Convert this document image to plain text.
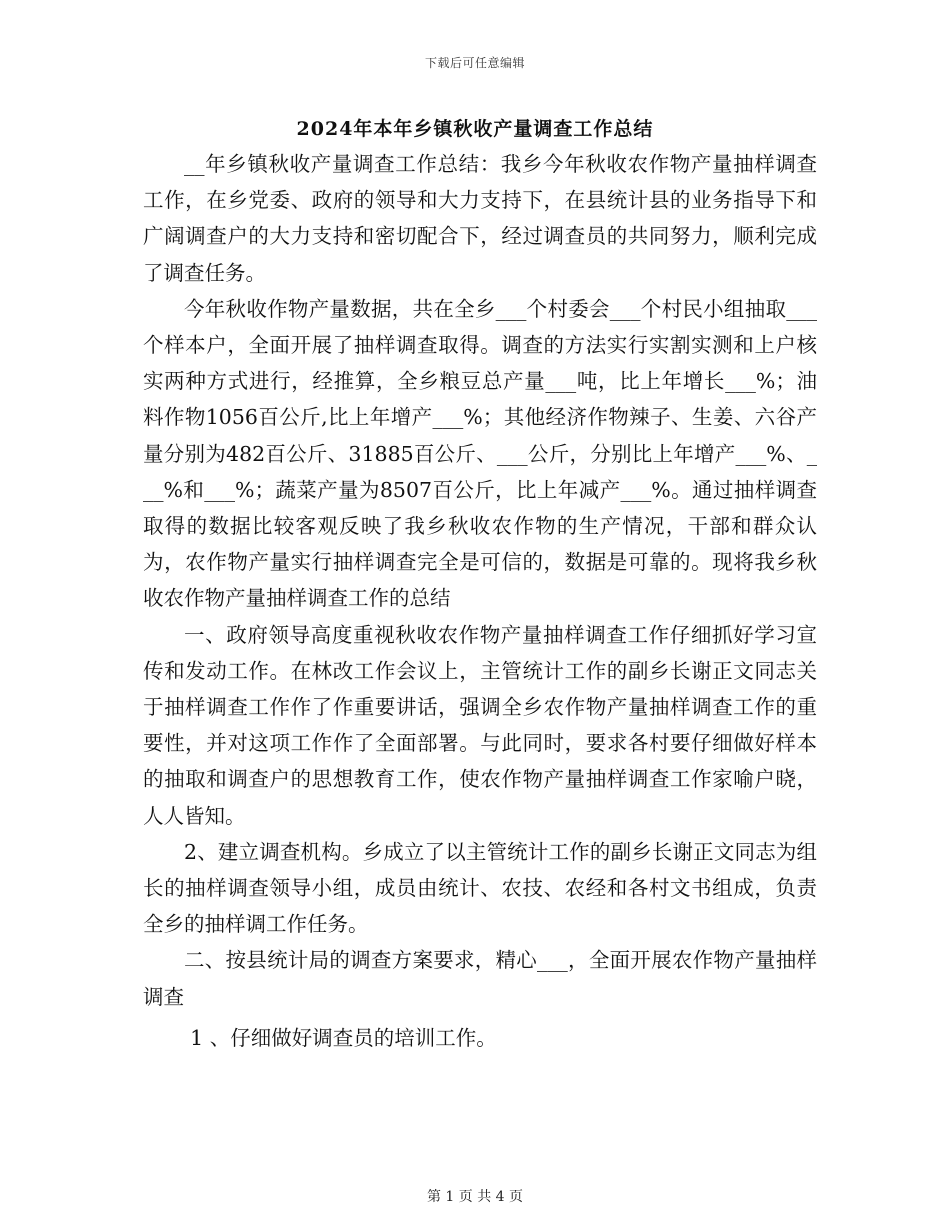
下载后可任意编辑
2024年本年乡镇秋收产量调查工作总结

__年乡镇秋收产量调查工作总结：我乡今年秋收农作物产量抽样调查工作，在乡党委、政府的领导和大力支持下，在县统计县的业务指导下和广阔调查户的大力支持和密切配合下，经过调查员的共同努力，顺利完成了调查任务。

今年秋收作物产量数据，共在全乡___个村委会___个村民小组抽取___个样本户，全面开展了抽样调查取得。调查的方法实行实割实测和上户核实两种方式进行，经推算，全乡粮豆总产量___吨，比上年增长___%；油料作物1056百公斤,比上年增产___%；其他经济作物辣子、生姜、六谷产量分别为482百公斤、31885百公斤、___公斤，分别比上年增产___%、___%和___%；蔬菜产量为8507百公斤，比上年减产___%。通过抽样调查取得的数据比较客观反映了我乡秋收农作物的生产情况，干部和群众认为，农作物产量实行抽样调查完全是可信的，数据是可靠的。现将我乡秋收农作物产量抽样调查工作的总结

一、政府领导高度重视秋收农作物产量抽样调查工作仔细抓好学习宣传和发动工作。在林改工作会议上，主管统计工作的副乡长谢正文同志关于抽样调查工作作了作重要讲话，强调全乡农作物产量抽样调查工作的重要性，并对这项工作作了全面部署。与此同时，要求各村要仔细做好样本的抽取和调查户的思想教育工作，使农作物产量抽样调查工作家喻户晓，人人皆知。

2、建立调查机构。乡成立了以主管统计工作的副乡长谢正文同志为组长的抽样调查领导小组，成员由统计、农技、农经和各村文书组成，负责全乡的抽样调工作任务。

二、按县统计局的调查方案要求，精心___，全面开展农作物产量抽样调查

1 、仔细做好调查员的培训工作。

第 1 页 共 4 页
